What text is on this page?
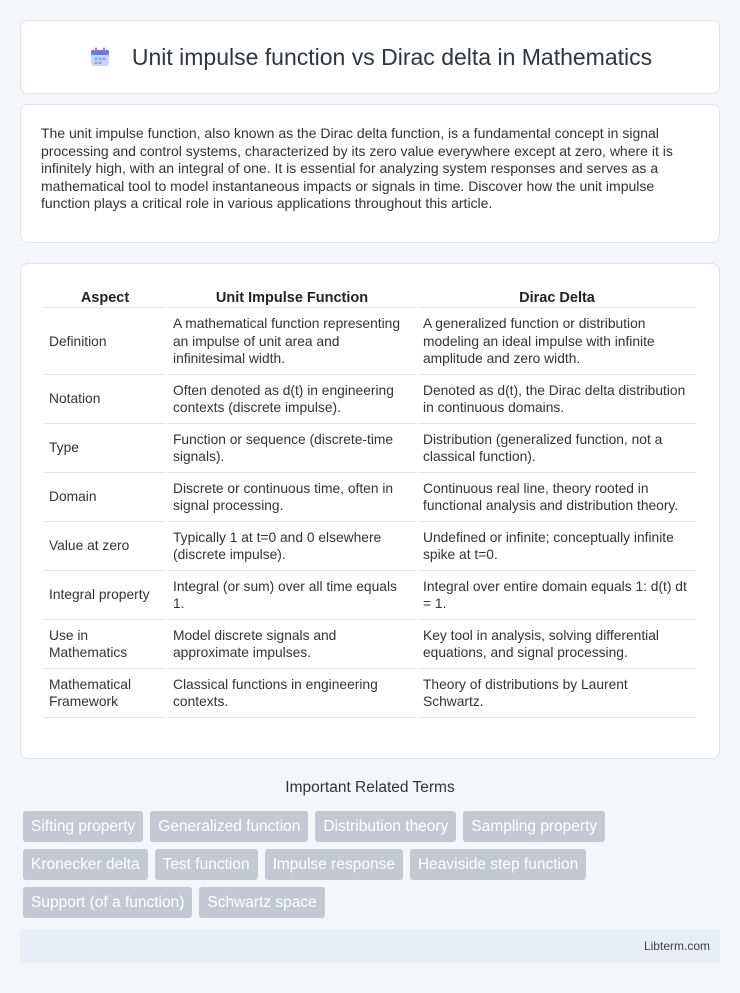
Unit impulse function vs Dirac delta in Mathematics

The unit impulse function, also known as the Dirac delta function, is a fundamental concept in signal processing and control systems, characterized by its zero value everywhere except at zero, where it is infinitely high, with an integral of one. It is essential for analyzing system responses and serves as a mathematical tool to model instantaneous impacts or signals in time. Discover how the unit impulse function plays a critical role in various applications throughout this article.

Aspect	Unit Impulse Function	Dirac Delta
Definition	A mathematical function representing an impulse of unit area and infinitesimal width.	A generalized function or distribution modeling an ideal impulse with infinite amplitude and zero width.
Notation	Often denoted as d(t) in engineering contexts (discrete impulse).	Denoted as d(t), the Dirac delta distribution in continuous domains.
Type	Function or sequence (discrete-time signals).	Distribution (generalized function, not a classical function).
Domain	Discrete or continuous time, often in signal processing.	Continuous real line, theory rooted in functional analysis and distribution theory.
Value at zero	Typically 1 at t=0 and 0 elsewhere (discrete impulse).	Undefined or infinite; conceptually infinite spike at t=0.
Integral property	Integral (or sum) over all time equals 1.	Integral over entire domain equals 1: d(t) dt = 1.
Use in Mathematics	Model discrete signals and approximate impulses.	Key tool in analysis, solving differential equations, and signal processing.
Mathematical Framework	Classical functions in engineering contexts.	Theory of distributions by Laurent Schwartz.
Important Related Terms
Sifting property	Generalized function	Distribution theory	Sampling property
Kronecker delta	Test function	Impulse response	Heaviside step function
Support (of a function)	Schwartz space
Libterm.com
